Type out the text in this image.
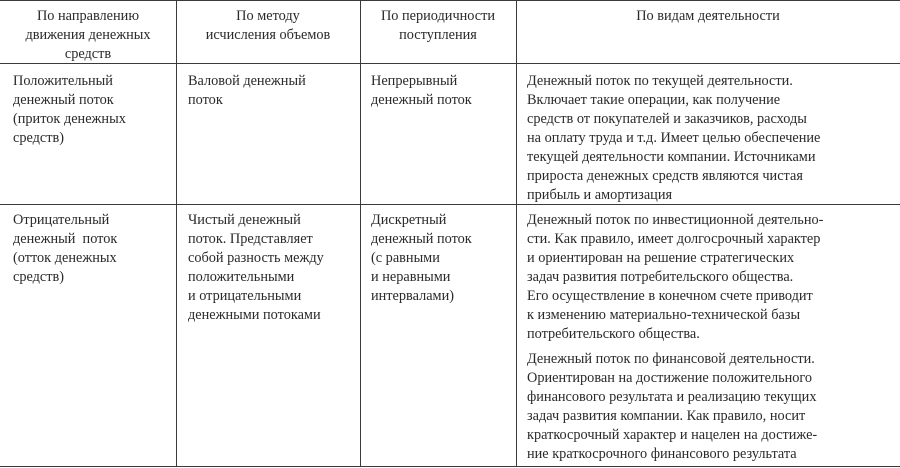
По направлению
движения денежных
средств
По методу
исчисления объемов
По периодичности
поступления
По видам деятельности
Положительный
денежный поток
(приток денежных
средств)
Валовой денежный
поток
Непрерывный
денежный поток
Денежный поток по текущей деятельности.
Включает такие операции, как получение
средств от покупателей и заказчиков, расходы
на оплату труда и т.д. Имеет целью обеспечение
текущей деятельности компании. Источниками
прироста денежных средств являются чистая
прибыль и амортизация
Отрицательный
денежный  поток
(отток денежных
средств)
Чистый денежный
поток. Представляет
собой разность между
положительными
и отрицательными
денежными потоками
Дискретный
денежный поток
(с равными
и неравными
интервалами)
Денежный поток по инвестиционной деятельно-
сти. Как правило, имеет долгосрочный характер
и ориентирован на решение стратегических
задач развития потребительского общества.
Его осуществление в конечном счете приводит
к изменению материально-технической базы
потребительского общества.
Денежный поток по финансовой деятельности.
Ориентирован на достижение положительного
финансового результата и реализацию текущих
задач развития компании. Как правило, носит
краткосрочный характер и нацелен на достиже-
ние краткосрочного финансового результата
